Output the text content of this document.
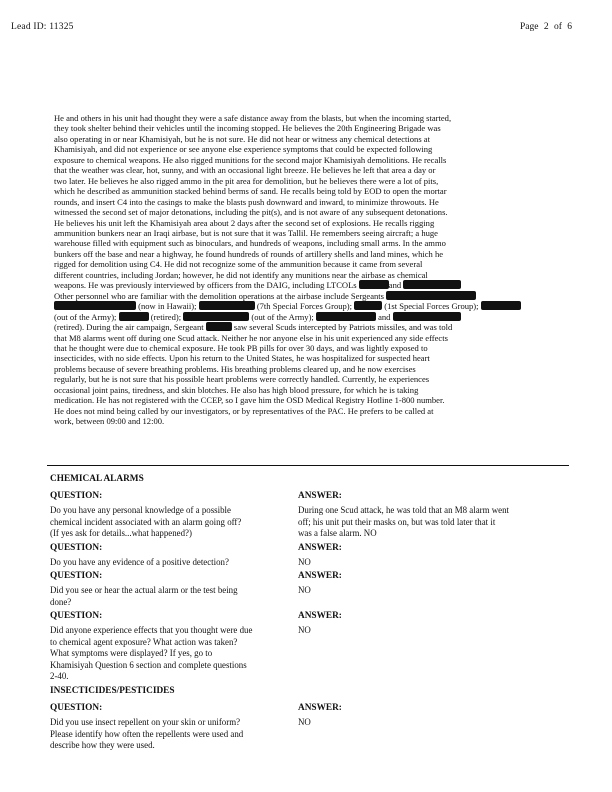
Lead ID: 11325	Page 2 of 6
He and others in his unit had thought they were a safe distance away from the blasts, but when the incoming started,
they took shelter behind their vehicles until the incoming stopped. He believes the 20th Engineering Brigade was
also operating in or near Khamisiyah, but he is not sure. He did not hear or witness any chemical detections at
Khamisiyah, and did not experience or see anyone else experience symptoms that could be expected following
exposure to chemical weapons. He also rigged munitions for the second major Khamisiyah demolitions. He recalls
that the weather was clear, hot, sunny, and with an occasional light breeze. He believes he left that area a day or
two later. He believes he also rigged ammo in the pit area for demolition, but he believes there were a lot of pits,
which he described as ammunition stacked behind berms of sand. He recalls being told by EOD to open the mortar
rounds, and insert C4 into the casings to make the blasts push downward and inward, to minimize throwouts. He
witnessed the second set of major detonations, including the pit(s), and is not aware of any subsequent detonations.
He believes his unit left the Khamisiyah area about 2 days after the second set of explosions. He recalls rigging
ammunition bunkers near an Iraqi airbase, but is not sure that it was Tallil. He remembers seeing aircraft; a huge
warehouse filled with equipment such as binoculars, and hundreds of weapons, including small arms. In the ammo
bunkers off the base and near a highway, he found hundreds of rounds of artillery shells and land mines, which he
rigged for demolition using C4. He did not recognize some of the ammunition because it came from several
different countries, including Jordan; however, he did not identify any munitions near the airbase as chemical
weapons. He was previously interviewed by officers from the DAIG, including LTCOLs	and
Other personnel who are familiar with the demolition operations at the airbase include Sergeants
(now in Hawaii);	(7th Special Forces Group);	(1st Special Forces Group);
(out of the Army);	(retired);	(out of the Army);	and
(retired). During the air campaign, Sergeant	saw several Scuds intercepted by Patriots missiles, and was told
that M8 alarms went off during one Scud attack. Neither he nor anyone else in his unit experienced any side effects
that he thought were due to chemical exposure. He took PB pills for over 30 days, and was lightly exposed to
insecticides, with no side effects. Upon his return to the United States, he was hospitalized for suspected heart
problems because of severe breathing problems. His breathing problems cleared up, and he now exercises
regularly, but he is not sure that his possible heart problems were correctly handled. Currently, he experiences
occasional joint pains, tiredness, and skin blotches. He also has high blood pressure, for which he is taking
medication. He has not registered with the CCEP, so I gave him the OSD Medical Registry Hotline 1-800 number.
He does not mind being called by our investigators, or by representatives of the PAC. He prefers to be called at
work, between 09:00 and 12:00.
CHEMICAL ALARMS
QUESTION:	ANSWER:
Do you have any personal knowledge of a possible
chemical incident associated with an alarm going off?
(If yes ask for details...what happened?)
During one Scud attack, he was told that an M8 alarm went
off; his unit put their masks on, but was told later that it
was a false alarm. NO
QUESTION:	ANSWER:
Do you have any evidence of a positive detection?	NO
QUESTION:	ANSWER:
Did you see or hear the actual alarm or the test being
done?
NO
QUESTION:	ANSWER:
Did anyone experience effects that you thought were due
to chemical agent exposure? What action was taken?
What symptoms were displayed? If yes, go to
Khamisiyah Question 6 section and complete questions
2-40.
NO
INSECTICIDES/PESTICIDES
QUESTION:	ANSWER:
Did you use insect repellent on your skin or uniform?
Please identify how often the repellents were used and
describe how they were used.
NO
